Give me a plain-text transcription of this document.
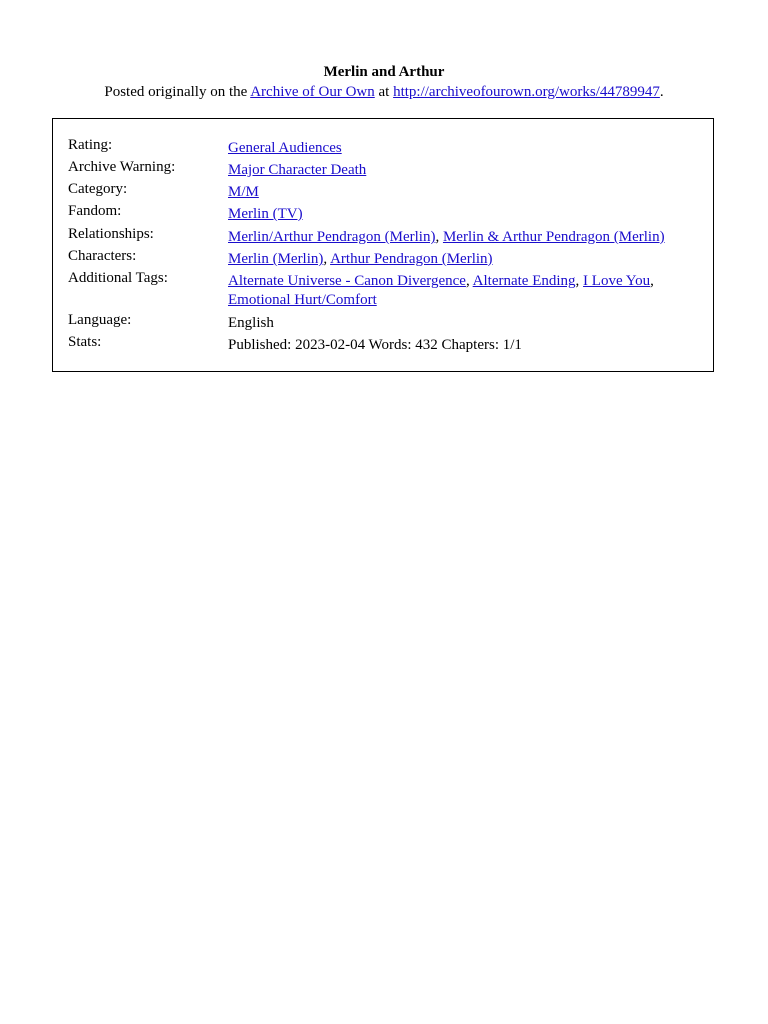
Merlin and Arthur
Posted originally on the Archive of Our Own at http://archiveofourown.org/works/44789947.
Rating:	General Audiences
Archive Warning:	Major Character Death
Category:	M/M
Fandom:	Merlin (TV)
Relationships:	Merlin/Arthur Pendragon (Merlin), Merlin & Arthur Pendragon (Merlin)
Characters:	Merlin (Merlin), Arthur Pendragon (Merlin)
Additional Tags:	Alternate Universe - Canon Divergence, Alternate Ending, I Love You,
Emotional Hurt/Comfort
Language:	English
Stats:	Published: 2023-02-04 Words: 432 Chapters: 1/1
